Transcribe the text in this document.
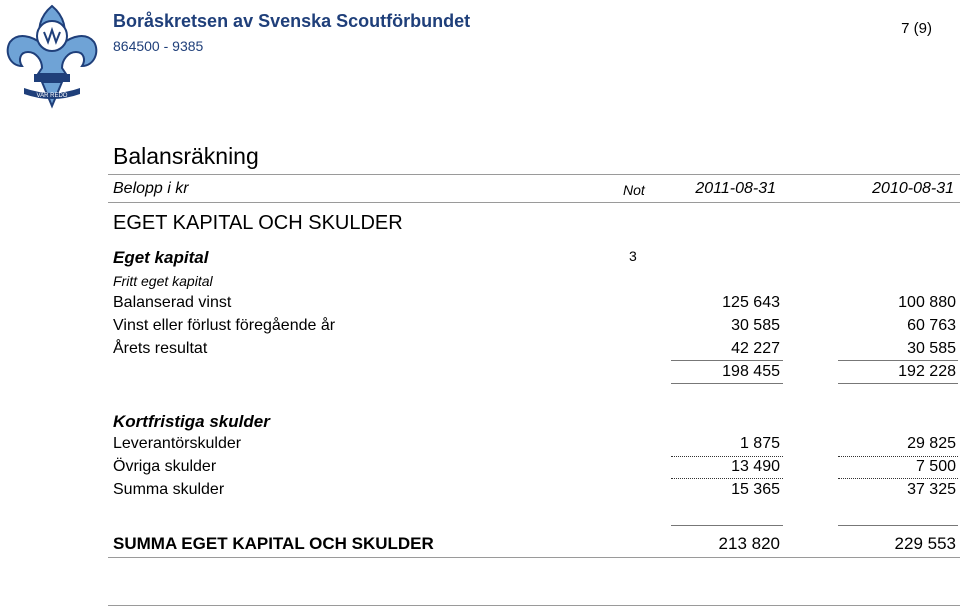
VAR REDO
Boråskretsen av Svenska Scoutförbundet
864500 - 9385
7 (9)
Balansräkning
Belopp i kr	Not	2011-08-31	2010-08-31
EGET KAPITAL OCH SKULDER
Eget kapital	3
Fritt eget kapital
Balanserad vinst	125 643	100 880
Vinst eller förlust föregående år	30 585	60 763
Årets resultat	42 227	30 585
198 455	192 228
Kortfristiga skulder
Leverantörskulder	1 875	29 825
Övriga skulder	13 490	7 500
Summa skulder	15 365	37 325
SUMMA EGET KAPITAL OCH SKULDER	213 820	229 553
